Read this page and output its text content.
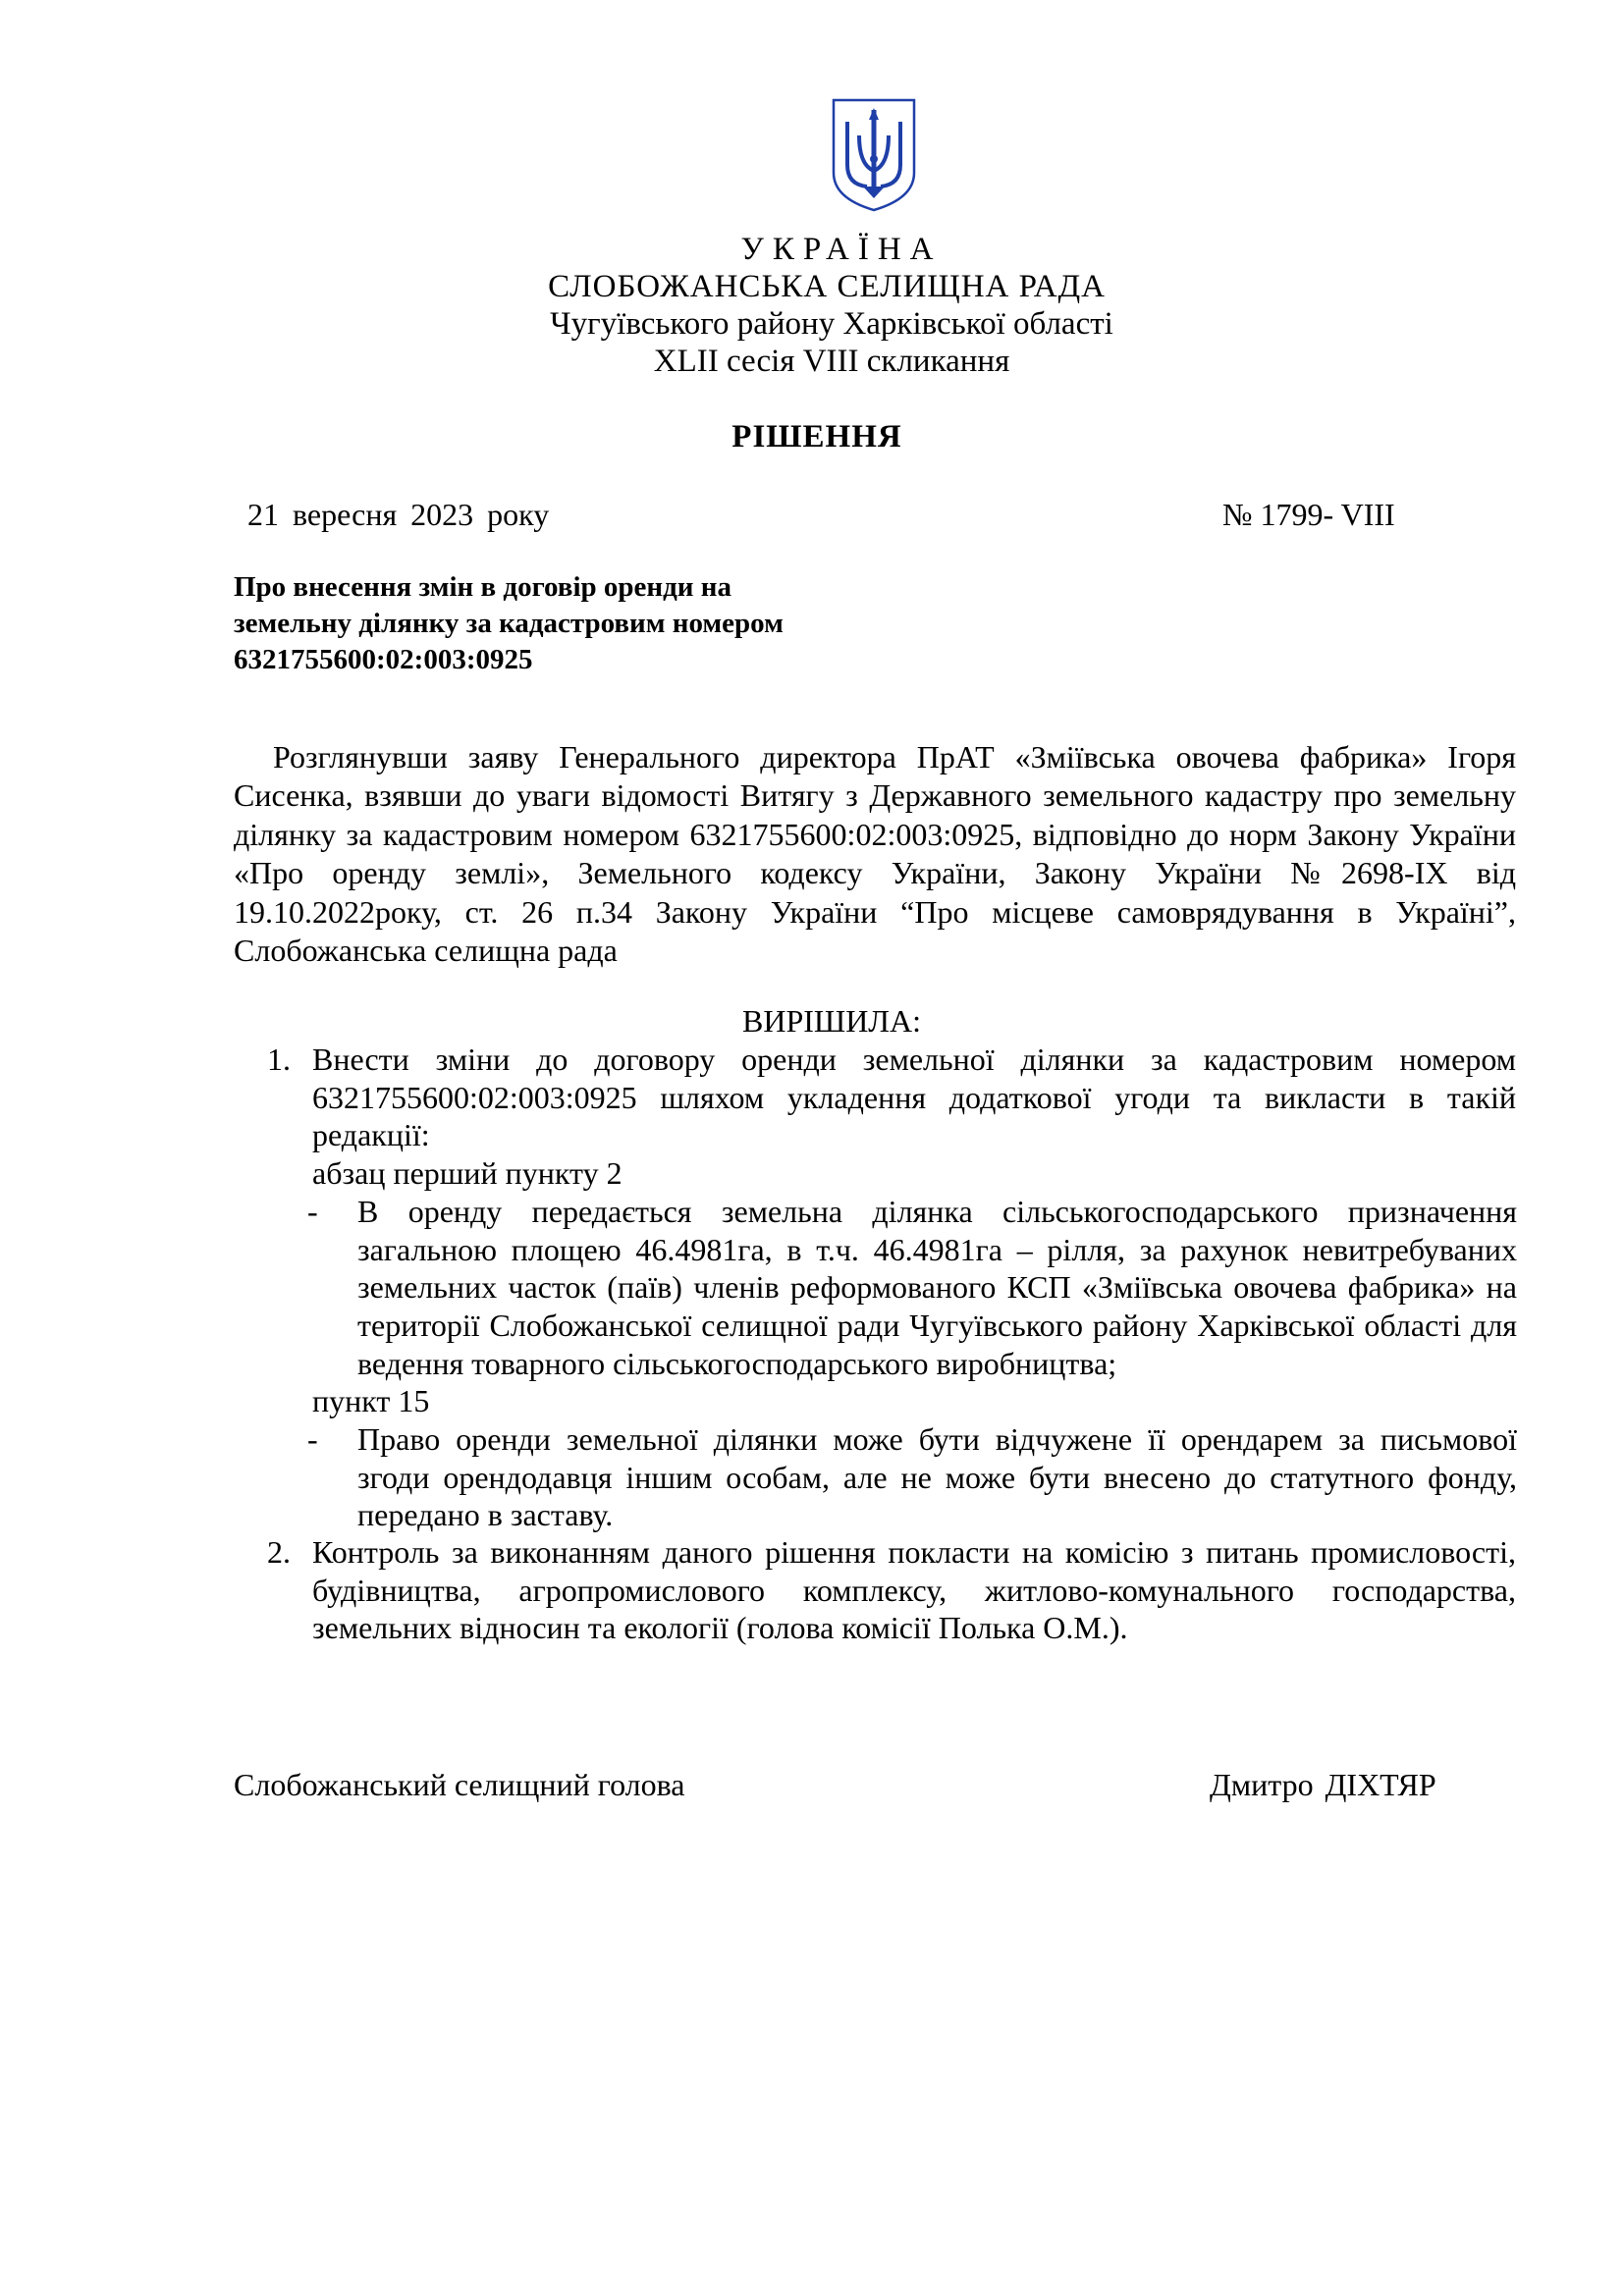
УКРАЇНА
СЛОБОЖАНСЬКА СЕЛИЩНА РАДА
Чугуївського району Харківської області
XLII сесія VIII скликання
РІШЕННЯ
21 вересня 2023 року	№ 1799- VIII
Про внесення змін в договір оренди на земельну ділянку за кадастровим номером 6321755600:02:003:0925
Розглянувши заяву Генерального директора ПрАТ «Зміївська овочева фабрика» Ігоря Сисенка, взявши до уваги відомості Витягу з Державного земельного кадастру про земельну ділянку за кадастровим номером 6321755600:02:003:0925, відповідно до норм Закону України «Про оренду землі», Земельного кодексу України, Закону України №2698-ІХ від 19.10.2022року, ст. 26 п.34 Закону України “Про місцеве самоврядування в Україні”, Слобожанська селищна рада
ВИРІШИЛА:
1. Внести зміни до договору оренди земельної ділянки за кадастровим номером 6321755600:02:003:0925 шляхом укладення додаткової угоди та викласти в такій редакції:
абзац перший пункту 2
- В оренду передається земельна ділянка сільськогосподарського призначення загальною площею 46.4981га, в т.ч. 46.4981га – рілля, за рахунок невитребуваних земельних часток (паїв) членів реформованого КСП «Зміївська овочева фабрика» на території Слобожанської селищної ради Чугуївського району Харківської області для ведення товарного сільськогосподарського виробництва;
пункт 15
- Право оренди земельної ділянки може бути відчужене її орендарем за письмової згоди орендодавця іншим особам, але не може бути внесено до статутного фонду, передано в заставу.
2. Контроль за виконанням даного рішення покласти на комісію з питань промисловості, будівництва, агропромислового комплексу, житлово-комунального господарства, земельних відносин та екології (голова комісії Полька О.М.).
Слобожанський селищний голова	Дмитро ДІХТЯР
